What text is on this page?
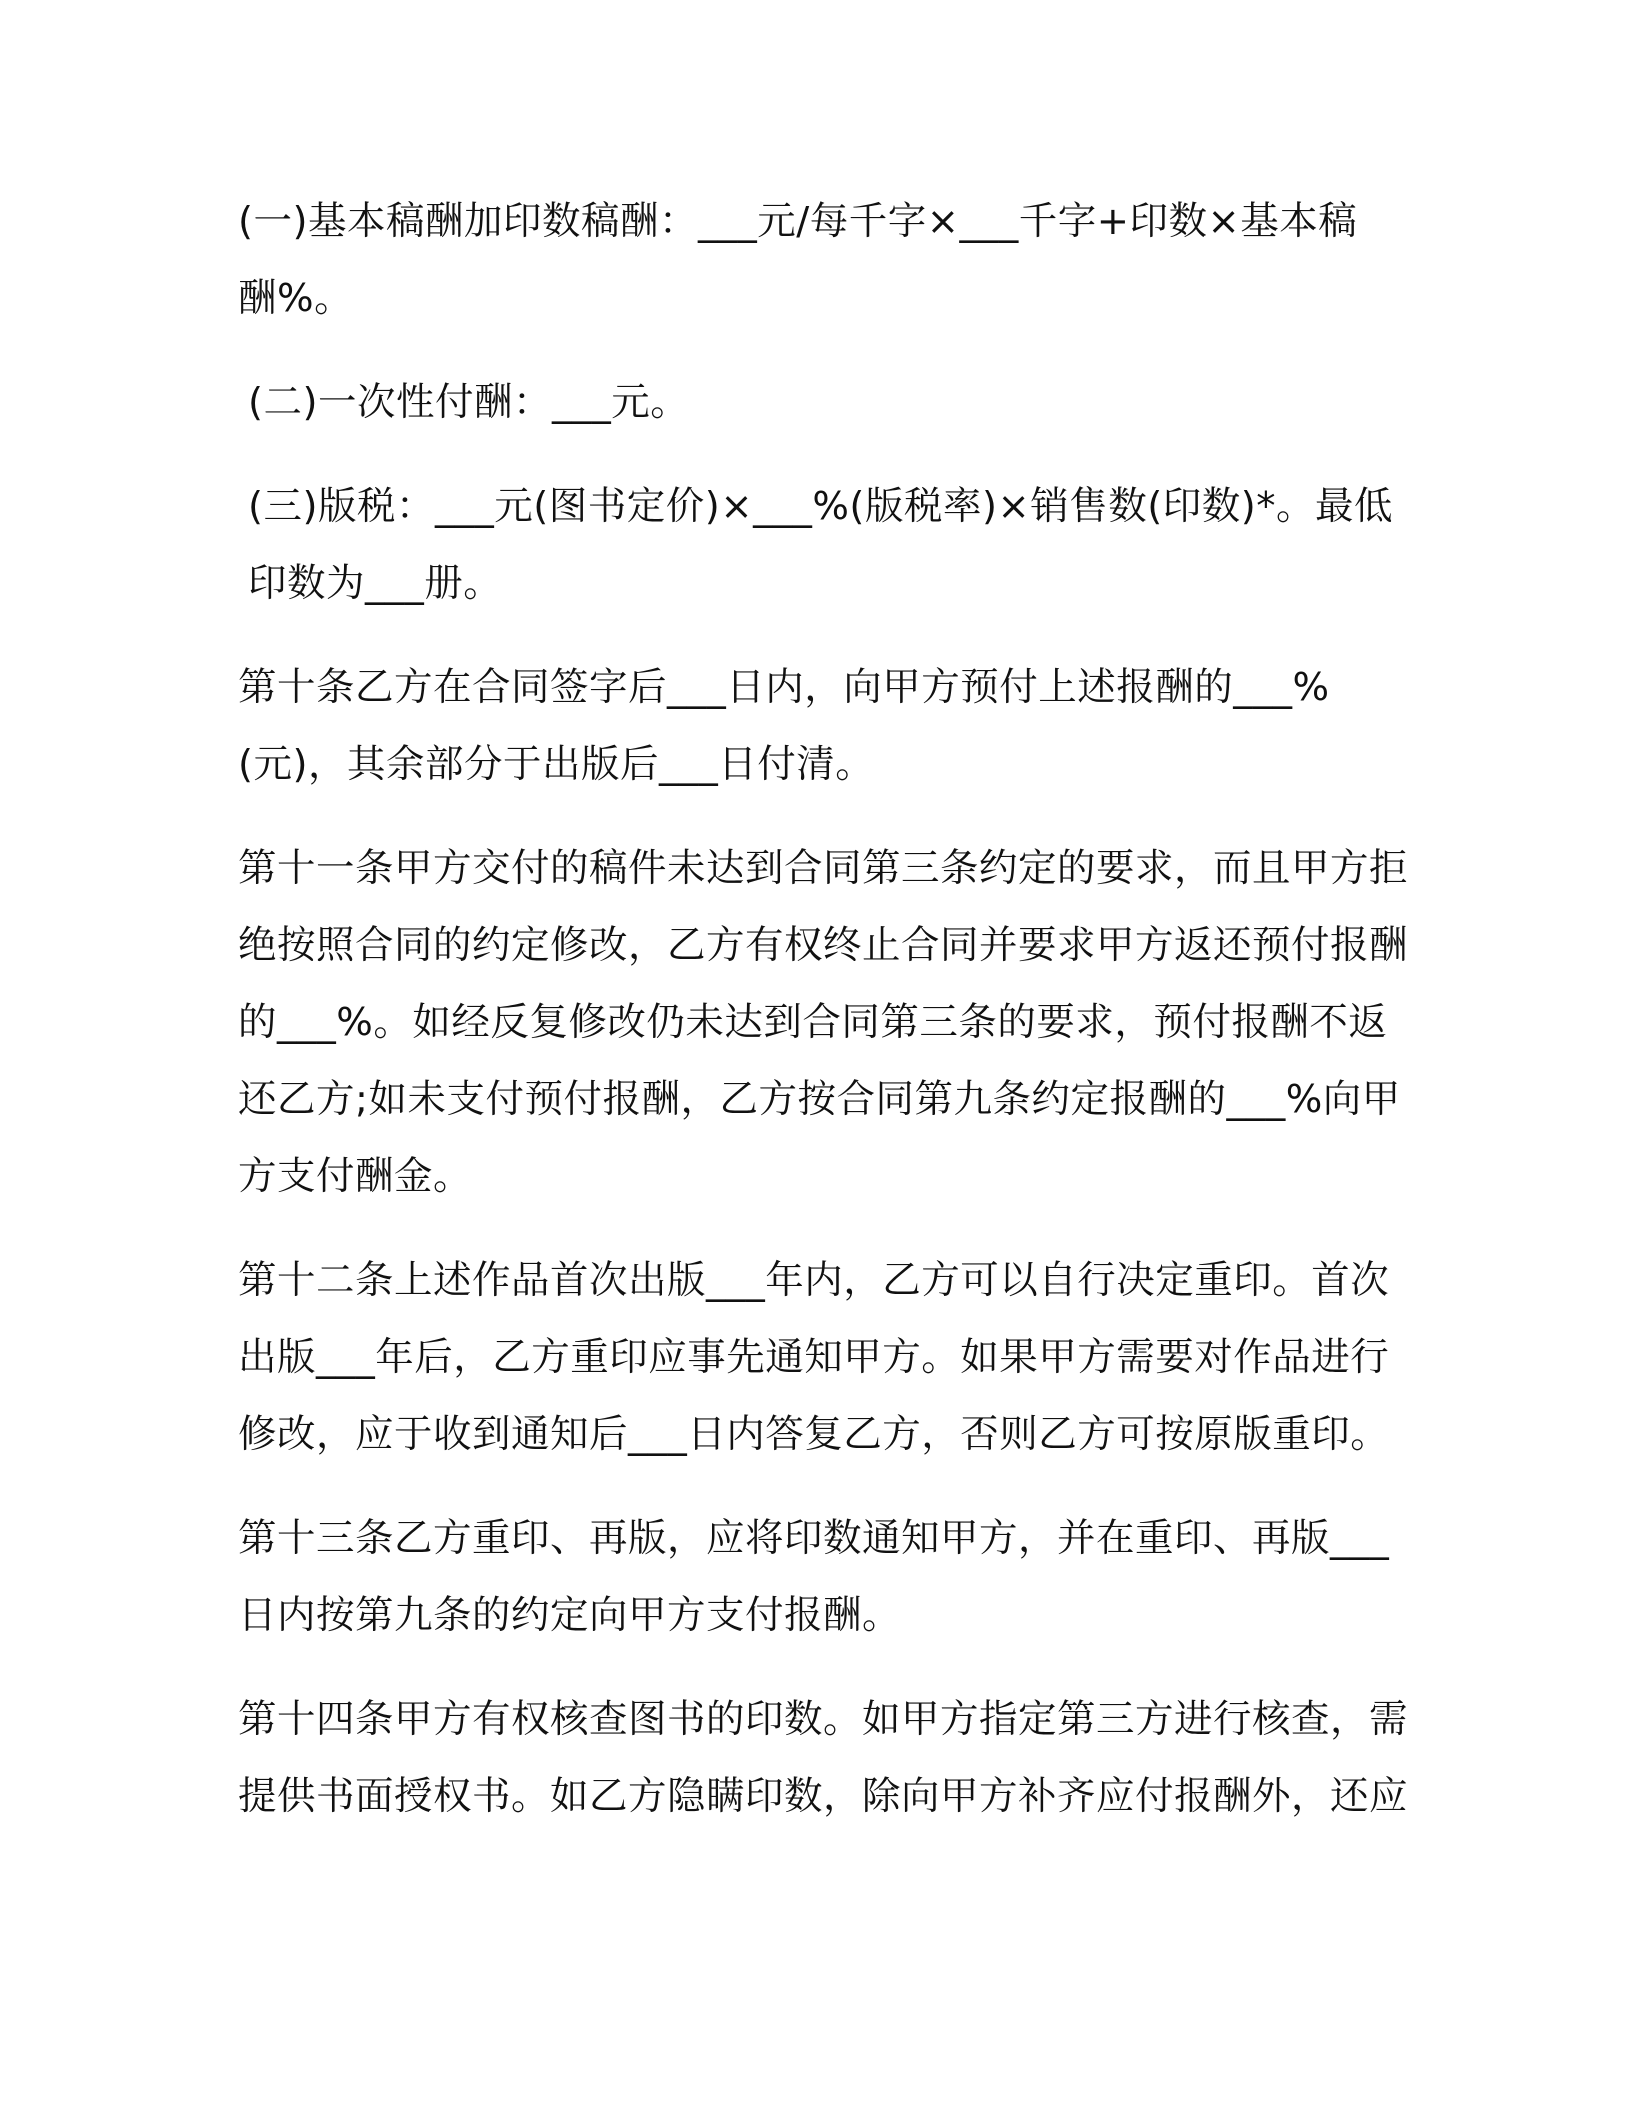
(一)基本稿酬加印数稿酬：___元/每千字×___千字+印数×基本稿酬%。

(二)一次性付酬：___元。

(三)版税：___元(图书定价)×___%(版税率)×销售数(印数)*。最低印数为___册。

第十条乙方在合同签字后___日内，向甲方预付上述报酬的___%(元)，其余部分于出版后___日付清。

第十一条甲方交付的稿件未达到合同第三条约定的要求，而且甲方拒绝按照合同的约定修改，乙方有权终止合同并要求甲方返还预付报酬的___%。如经反复修改仍未达到合同第三条的要求，预付报酬不返还乙方;如未支付预付报酬，乙方按合同第九条约定报酬的___%向甲方支付酬金。

第十二条上述作品首次出版___年内，乙方可以自行决定重印。首次出版___年后，乙方重印应事先通知甲方。如果甲方需要对作品进行修改，应于收到通知后___日内答复乙方，否则乙方可按原版重印。

第十三条乙方重印、再版，应将印数通知甲方，并在重印、再版___日内按第九条的约定向甲方支付报酬。

第十四条甲方有权核查图书的印数。如甲方指定第三方进行核查，需提供书面授权书。如乙方隐瞒印数，除向甲方补齐应付报酬外，还应
